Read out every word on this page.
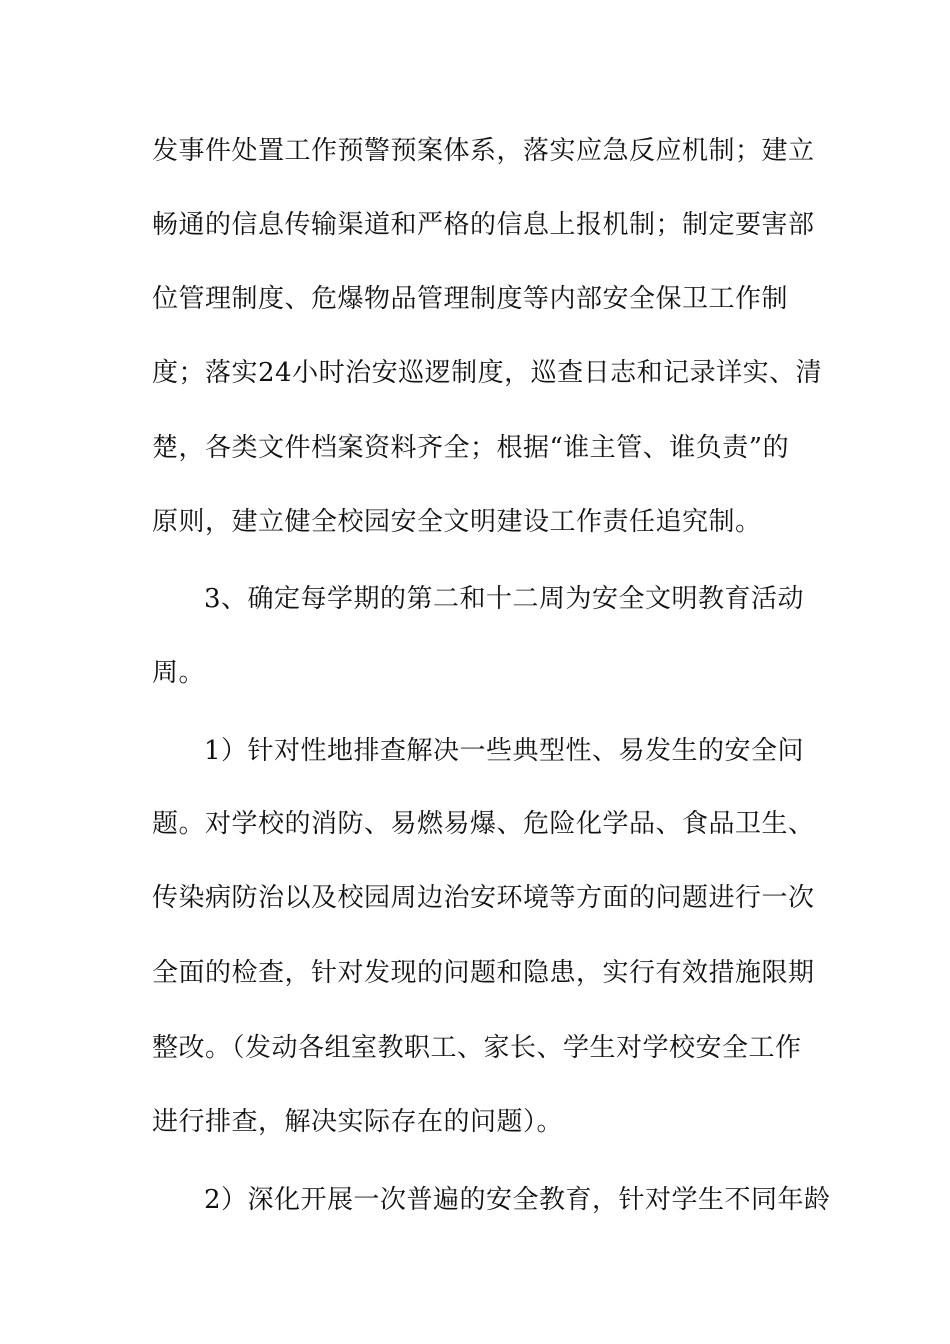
发事件处置工作预警预案体系，落实应急反应机制；建立
畅通的信息传输渠道和严格的信息上报机制；制定要害部
位管理制度、危爆物品管理制度等内部安全保卫工作制
度；落实24小时治安巡逻制度，巡查日志和记录详实、清
楚，各类文件档案资料齐全；根据“谁主管、谁负责”的
原则，建立健全校园安全文明建设工作责任追究制。
3、确定每学期的第二和十二周为安全文明教育活动
周。
1）针对性地排查解决一些典型性、易发生的安全问
题。对学校的消防、易燃易爆、危险化学品、食品卫生、
传染病防治以及校园周边治安环境等方面的问题进行一次
全面的检查，针对发现的问题和隐患，实行有效措施限期
整改。（发动各组室教职工、家长、学生对学校安全工作
进行排查，解决实际存在的问题）。
2）深化开展一次普遍的安全教育，针对学生不同年龄
